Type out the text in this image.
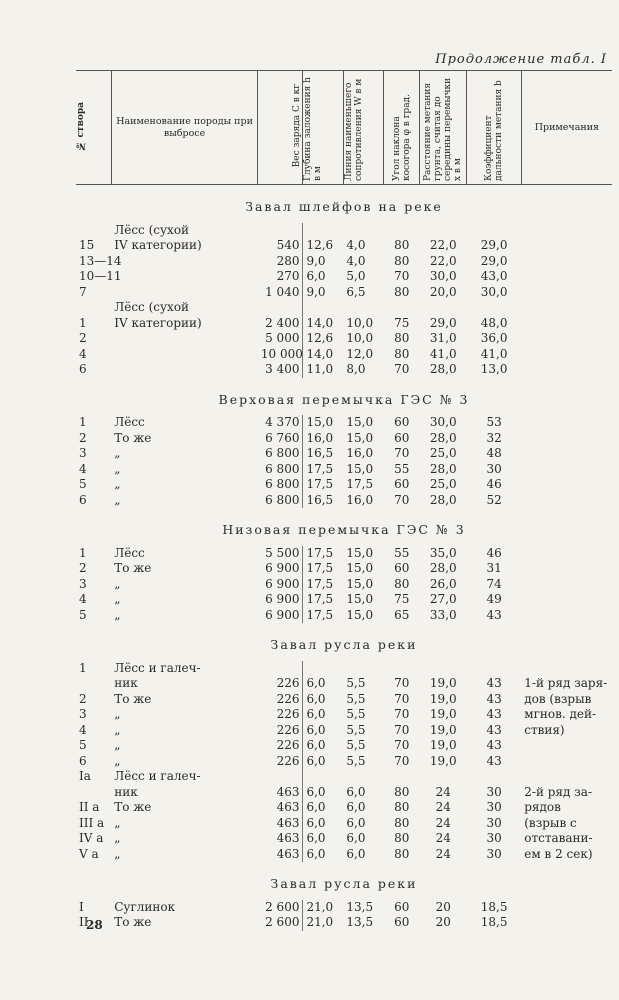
Продолжение табл. I
№ створа	Наименование породы при выбросе	Вес заряда С в кг	Глубина заложения h в м	Линия наименьшего сопротивления W в м	Угол наклона косогора φ в град.	Расстояние метания грунта, считая до середины перемычки x в м	Коэффициент дальности метания b	Примечания
Завал шлейфов на реке								
	Лёсс (сухой							
15	IV категории)	540	12,6	4,0	80	22,0	29,0	
13—14		280	9,0	4,0	80	22,0	29,0	
10—11		270	6,0	5,0	70	30,0	43,0	
7		1 040	9,0	6,5	80	20,0	30,0	
	Лёсс (сухой							
1	IV категории)	2 400	14,0	10,0	75	29,0	48,0	
2		5 000	12,6	10,0	80	31,0	36,0	
4		10 000	14,0	12,0	80	41,0	41,0	
6		3 400	11,0	8,0	70	28,0	13,0	
Верховая перемычка ГЭС № 3								
1	Лёсс	4 370	15,0	15,0	60	30,0	53	
2	То же	6 760	16,0	15,0	60	28,0	32	
3	„	6 800	16,5	16,0	70	25,0	48	
4	„	6 800	17,5	15,0	55	28,0	30	
5	„	6 800	17,5	17,5	60	25,0	46	
6	„	6 800	16,5	16,0	70	28,0	52	
Низовая перемычка ГЭС № 3								
1	Лёсс	5 500	17,5	15,0	55	35,0	46	
2	То же	6 900	17,5	15,0	60	28,0	31	
3	„	6 900	17,5	15,0	80	26,0	74	
4	„	6 900	17,5	15,0	75	27,0	49	
5	„	6 900	17,5	15,0	65	33,0	43	
Завал русла реки								
1	Лёсс и галеч-							
	ник	226	6,0	5,5	70	19,0	43	1-й ряд заря-
2	То же	226	6,0	5,5	70	19,0	43	дов (взрыв
3	„	226	6,0	5,5	70	19,0	43	мгнов. дей-
4	„	226	6,0	5,5	70	19,0	43	ствия)
5	„	226	6,0	5,5	70	19,0	43	
6	„	226	6,0	5,5	70	19,0	43	
Iа	Лёсс и галеч-							
	ник	463	6,0	6,0	80	24	30	2-й ряд за-
II а	То же	463	6,0	6,0	80	24	30	рядов
III а	„	463	6,0	6,0	80	24	30	(взрыв с
IV а	„	463	6,0	6,0	80	24	30	отставани-
V а	„	463	6,0	6,0	80	24	30	ем в 2 сек)
Завал русла реки								
I	Суглинок	2 600	21,0	13,5	60	20	18,5	
II	То же	2 600	21,0	13,5	60	20	18,5	
28
